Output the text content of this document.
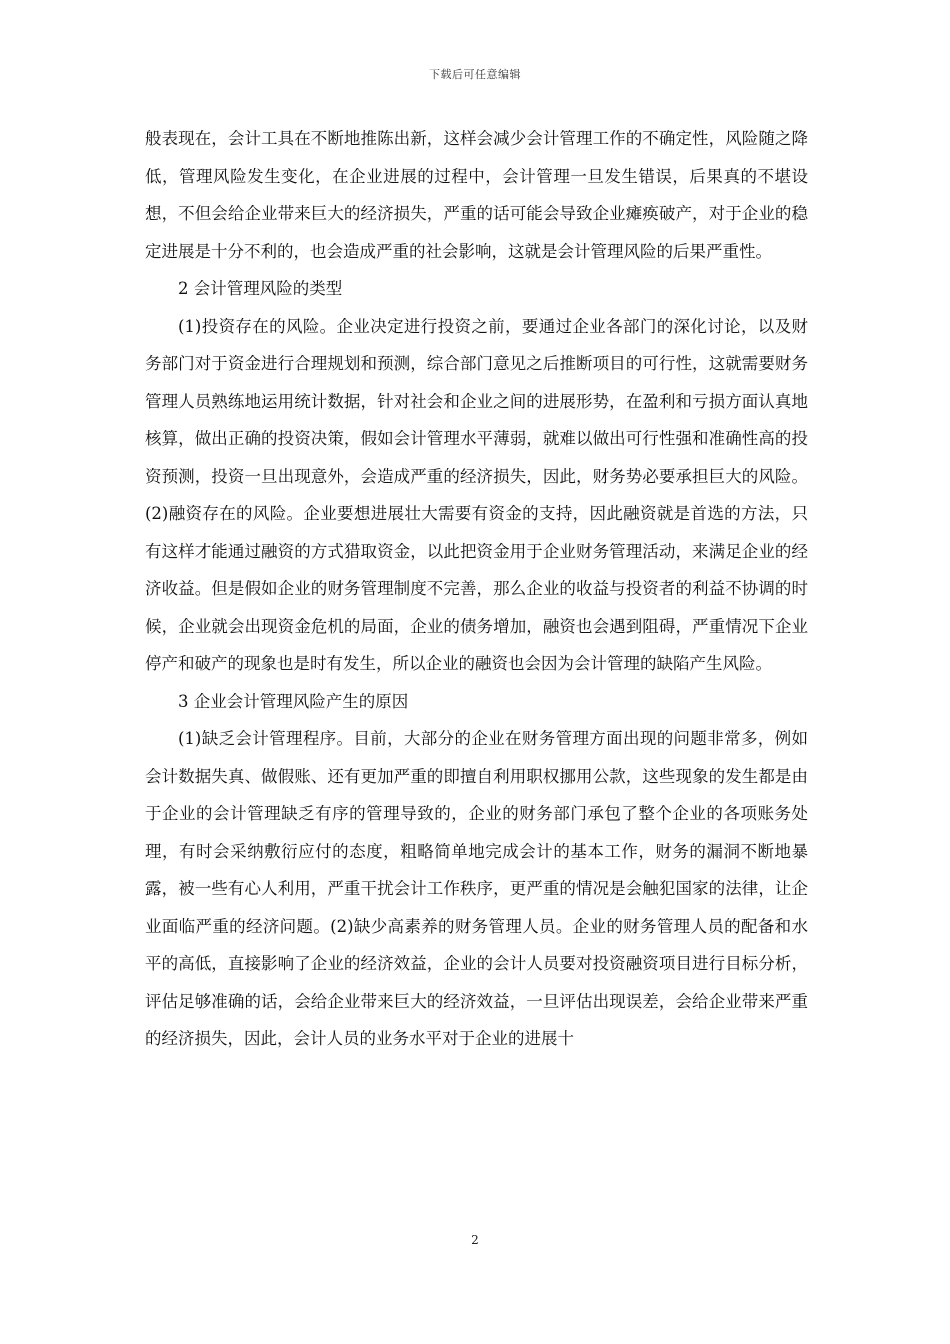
下载后可任意编辑

般表现在，会计工具在不断地推陈出新，这样会减少会计管理工作的不确定性，风险随之降低，管理风险发生变化，在企业进展的过程中，会计管理一旦发生错误，后果真的不堪设想，不但会给企业带来巨大的经济损失，严重的话可能会导致企业瘫痪破产，对于企业的稳定进展是十分不利的，也会造成严重的社会影响，这就是会计管理风险的后果严重性。

2 会计管理风险的类型

(1)投资存在的风险。企业决定进行投资之前，要通过企业各部门的深化讨论，以及财务部门对于资金进行合理规划和预测，综合部门意见之后推断项目的可行性，这就需要财务管理人员熟练地运用统计数据，针对社会和企业之间的进展形势，在盈利和亏损方面认真地核算，做出正确的投资决策，假如会计管理水平薄弱，就难以做出可行性强和准确性高的投资预测，投资一旦出现意外，会造成严重的经济损失，因此，财务势必要承担巨大的风险。(2)融资存在的风险。企业要想进展壮大需要有资金的支持，因此融资就是首选的方法，只有这样才能通过融资的方式猎取资金，以此把资金用于企业财务管理活动，来满足企业的经济收益。但是假如企业的财务管理制度不完善，那么企业的收益与投资者的利益不协调的时候，企业就会出现资金危机的局面，企业的债务增加，融资也会遇到阻碍，严重情况下企业停产和破产的现象也是时有发生，所以企业的融资也会因为会计管理的缺陷产生风险。

3 企业会计管理风险产生的原因

(1)缺乏会计管理程序。目前，大部分的企业在财务管理方面出现的问题非常多，例如会计数据失真、做假账、还有更加严重的即擅自利用职权挪用公款，这些现象的发生都是由于企业的会计管理缺乏有序的管理导致的，企业的财务部门承包了整个企业的各项账务处理，有时会采纳敷衍应付的态度，粗略简单地完成会计的基本工作，财务的漏洞不断地暴露，被一些有心人利用，严重干扰会计工作秩序，更严重的情况是会触犯国家的法律，让企业面临严重的经济问题。(2)缺少高素养的财务管理人员。企业的财务管理人员的配备和水平的高低，直接影响了企业的经济效益，企业的会计人员要对投资融资项目进行目标分析，评估足够准确的话，会给企业带来巨大的经济效益，一旦评估出现误差，会给企业带来严重的经济损失，因此，会计人员的业务水平对于企业的进展十

2
